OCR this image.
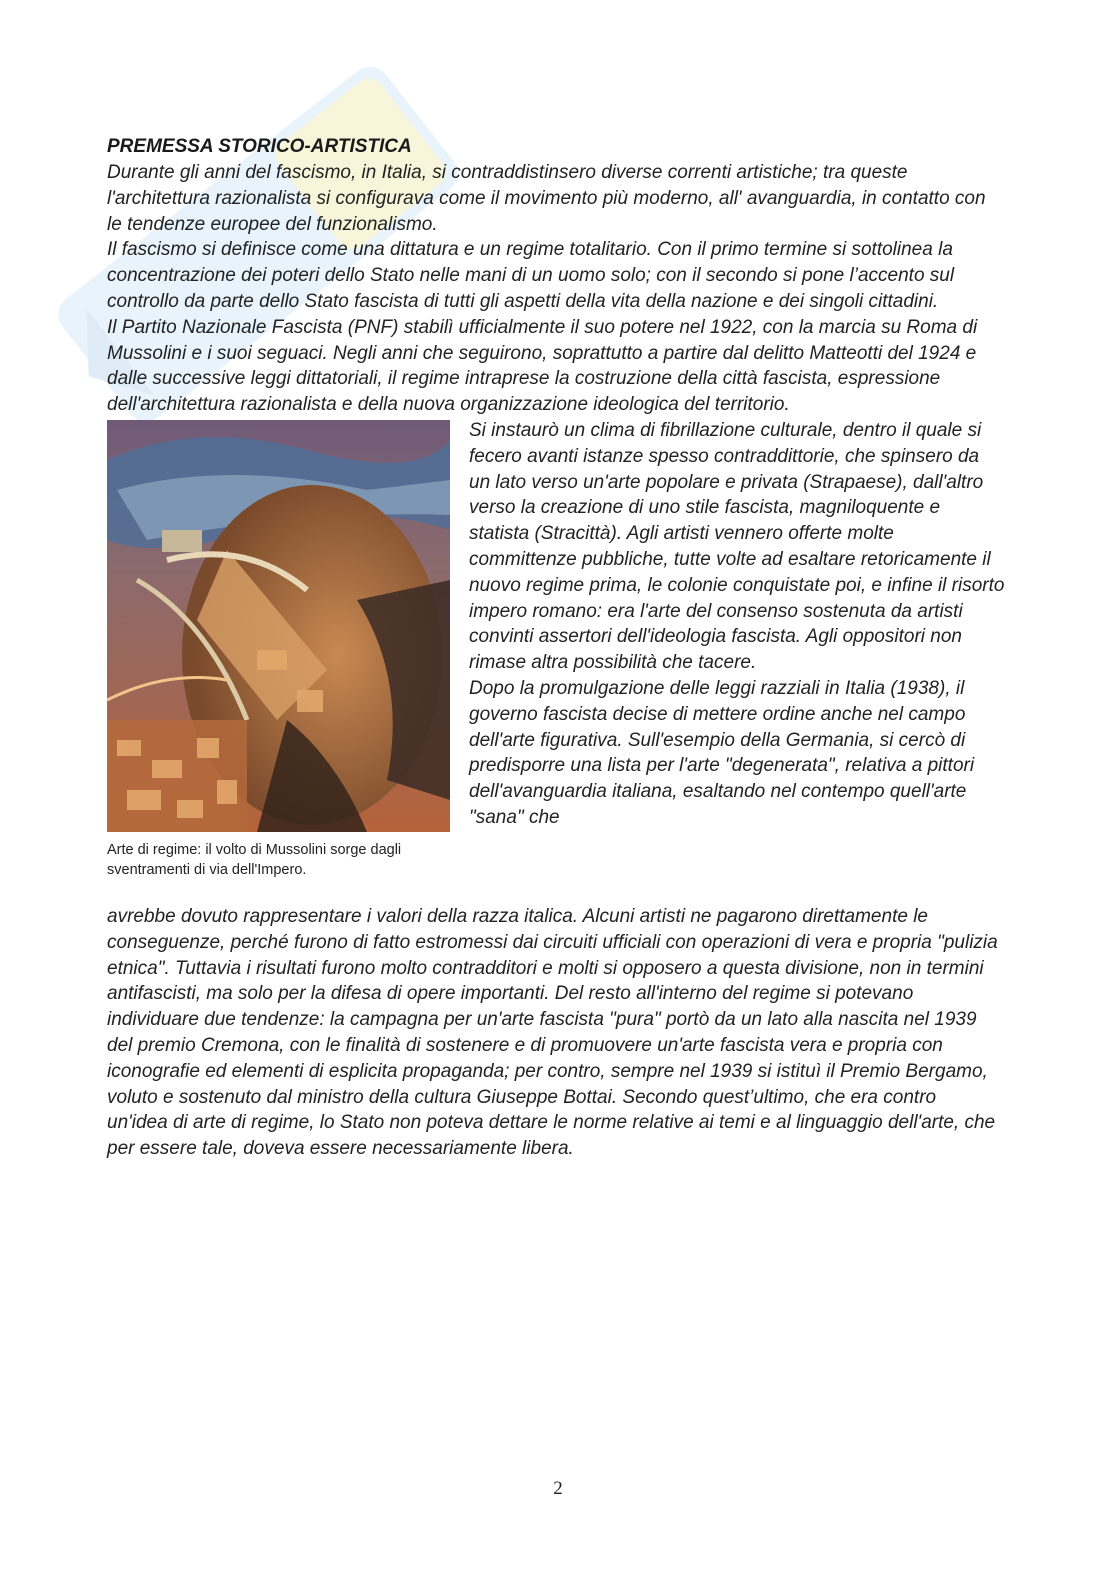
PREMESSA STORICO-ARTISTICA

Durante gli anni del fascismo, in Italia, si contraddistinsero diverse correnti artistiche; tra queste l'architettura razionalista si configurava come il movimento più moderno, all' avanguardia, in contatto con le tendenze europee del funzionalismo.

Il fascismo si definisce come una dittatura e un regime totalitario. Con il primo termine si sottolinea la concentrazione dei poteri dello Stato nelle mani di un uomo solo; con il secondo si pone l’accento sul controllo da parte dello Stato fascista di tutti gli aspetti della vita della nazione e dei singoli cittadini.

Il Partito Nazionale Fascista (PNF) stabilì ufficialmente il suo potere nel 1922, con la marcia su Roma di Mussolini e i suoi seguaci. Negli anni che seguirono, soprattutto a partire dal delitto Matteotti del 1924 e dalle successive leggi dittatoriali, il regime intraprese la costruzione della città fascista, espressione dell'architettura razionalista e della nuova organizzazione ideologica del territorio.

Arte di regime: il volto di Mussolini sorge dagli sventramenti di via dell'Impero.

Si instaurò un clima di fibrillazione culturale, dentro il quale si fecero avanti istanze spesso contraddittorie, che spinsero da un lato verso un'arte popolare e privata (Strapaese), dall'altro verso la creazione di uno stile fascista, magniloquente e statista (Stracittà). Agli artisti vennero offerte molte committenze pubbliche, tutte volte ad esaltare retoricamente il nuovo regime prima, le colonie conquistate poi, e infine il risorto impero romano: era l'arte del consenso sostenuta da artisti convinti assertori dell'ideologia fascista. Agli oppositori non rimase altra possibilità che tacere.

Dopo la promulgazione delle leggi razziali in Italia (1938), il governo fascista decise di mettere ordine anche nel campo dell'arte figurativa. Sull'esempio della Germania, si cercò di predisporre una lista per l'arte "degenerata", relativa a pittori dell'avanguardia italiana, esaltando nel contempo quell'arte "sana" che

avrebbe dovuto rappresentare i valori della razza italica. Alcuni artisti ne pagarono direttamente le conseguenze, perché furono di fatto estromessi dai circuiti ufficiali con operazioni di vera e propria "pulizia etnica". Tuttavia i risultati furono molto contradditori e molti si opposero a questa divisione, non in termini antifascisti, ma solo per la difesa di opere importanti. Del resto all'interno del regime si potevano individuare due tendenze: la campagna per un'arte fascista "pura" portò da un lato alla nascita nel 1939 del premio Cremona, con le finalità di sostenere e di promuovere un'arte fascista vera e propria con iconografie ed elementi di esplicita propaganda; per contro, sempre nel 1939 si istituì il Premio Bergamo, voluto e sostenuto dal ministro della cultura Giuseppe Bottai. Secondo quest’ultimo, che era contro un'idea di arte di regime, lo Stato non poteva dettare le norme relative ai temi e al linguaggio dell'arte, che per essere tale, doveva essere necessariamente libera.

2
